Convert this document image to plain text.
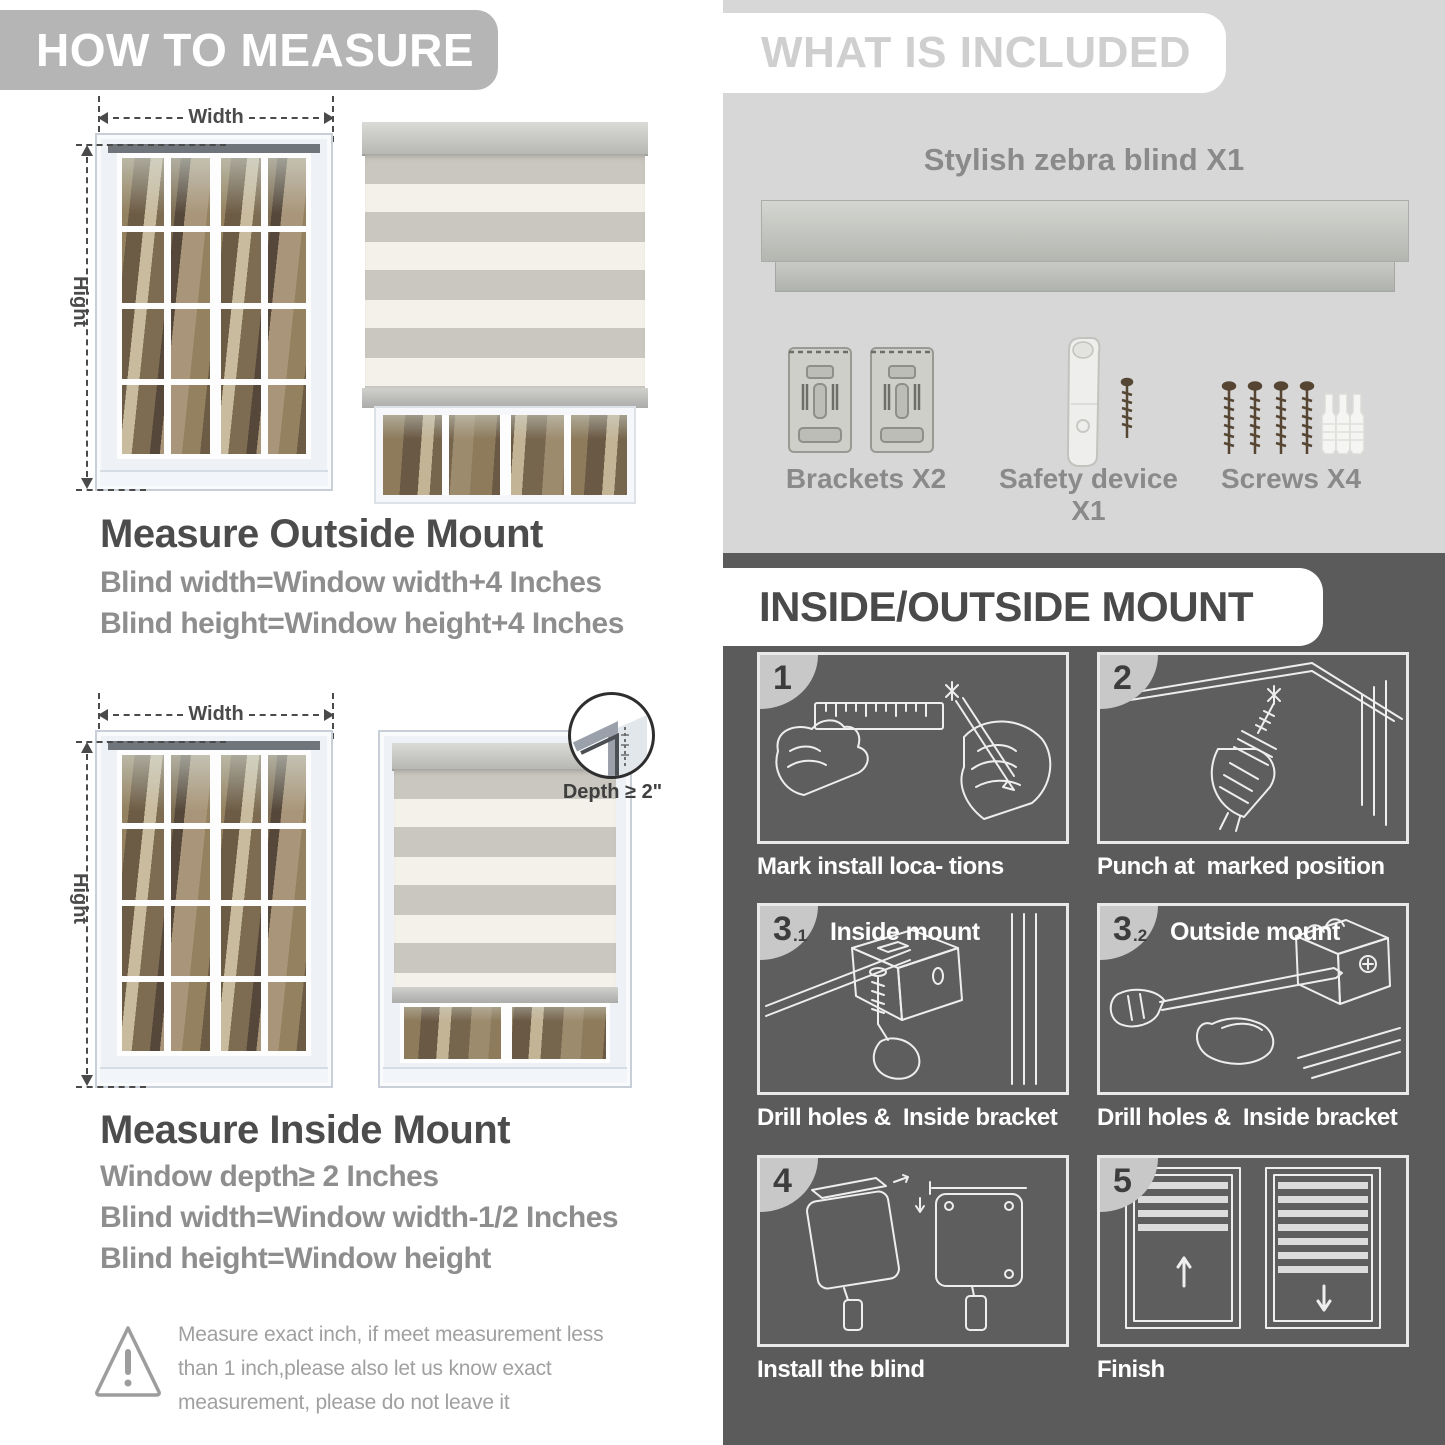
HOW TO MEASURE
Width
Hight
Measure Outside Mount
Blind width=Window width+4 Inches
Blind height=Window height+4 Inches
Width
Hight
Depth ≥ 2"
Measure Inside Mount
Window depth≥ 2 Inches
Blind width=Window width-1/2 Inches
Blind height=Window height
Measure exact inch, if meet measurement less than 1 inch,please also let us know exact measurement, please do not leave it
WHAT IS INCLUDED
Stylish zebra blind X1
Brackets X2	Safety device X1
Screws X4
INSIDE/OUTSIDE MOUNT
1
Mark install loca- tions
2
Punch at  marked position
3 .1 Inside mount
Drill holes &  Inside bracket
3 .2 Outside mount
Drill holes &  Inside bracket
4
Install the blind
5
Finish
